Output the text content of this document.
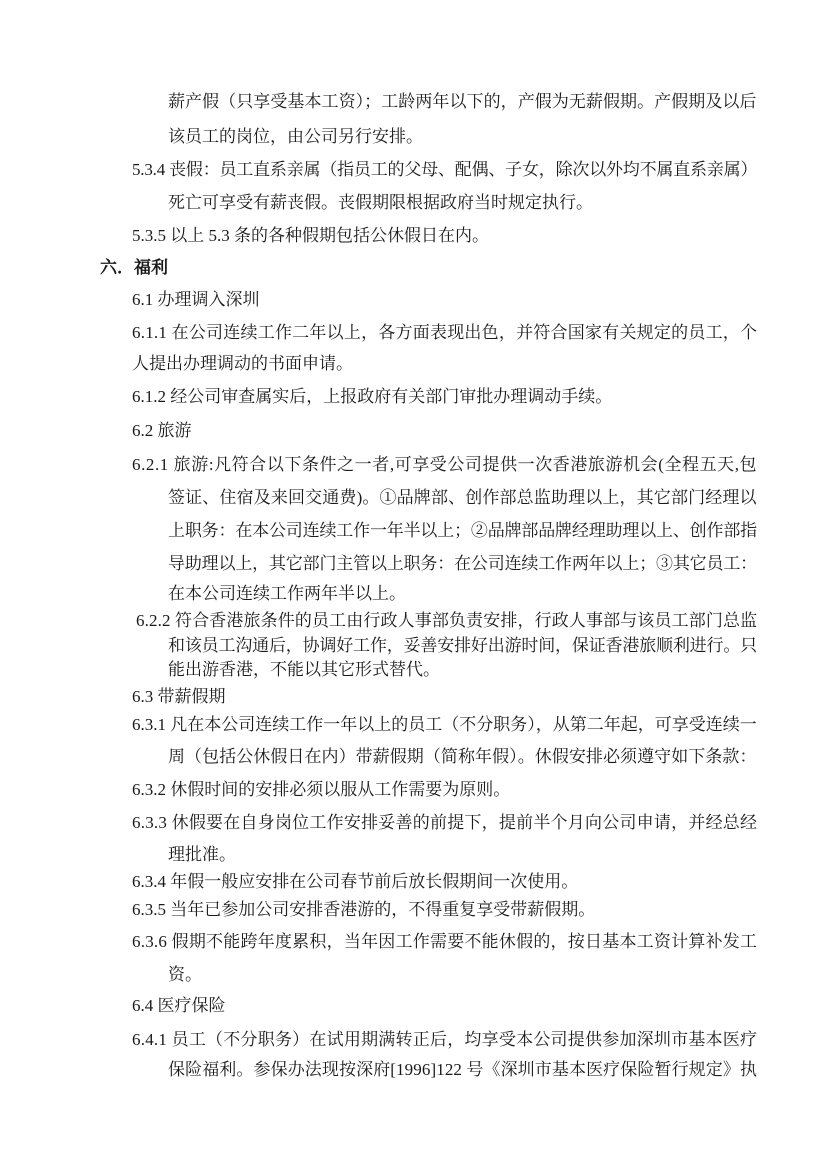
薪产假（只享受基本工资）；工龄两年以下的，产假为无薪假期。产假期及以后
该员工的岗位，由公司另行安排。
5.3.4 丧假：员工直系亲属（指员工的父母、配偶、子女，除次以外均不属直系亲属）
死亡可享受有薪丧假。丧假期限根据政府当时规定执行。
5.3.5 以上 5.3 条的各种假期包括公休假日在内。
六．福利
6.1 办理调入深圳
6.1.1 在公司连续工作二年以上，各方面表现出色，并符合国家有关规定的员工，个
人提出办理调动的书面申请。
6.1.2 经公司审查属实后，上报政府有关部门审批办理调动手续。
6.2 旅游
6.2.1 旅游:凡符合以下条件之一者,可享受公司提供一次香港旅游机会(全程五天,包
签证、住宿及来回交通费)。①品牌部、创作部总监助理以上，其它部门经理以
上职务：在本公司连续工作一年半以上；②品牌部品牌经理助理以上、创作部指
导助理以上，其它部门主管以上职务：在公司连续工作两年以上；③其它员工：
在本公司连续工作两年半以上。
6.2.2 符合香港旅条件的员工由行政人事部负责安排，行政人事部与该员工部门总监
和该员工沟通后，协调好工作，妥善安排好出游时间，保证香港旅顺利进行。只
能出游香港，不能以其它形式替代。
6.3 带薪假期
6.3.1 凡在本公司连续工作一年以上的员工（不分职务），从第二年起，可享受连续一
周（包括公休假日在内）带薪假期（简称年假）。休假安排必须遵守如下条款：
6.3.2 休假时间的安排必须以服从工作需要为原则。
6.3.3 休假要在自身岗位工作安排妥善的前提下，提前半个月向公司申请，并经总经
理批准。
6.3.4 年假一般应安排在公司春节前后放长假期间一次使用。
6.3.5 当年已参加公司安排香港游的，不得重复享受带薪假期。
6.3.6 假期不能跨年度累积，当年因工作需要不能休假的，按日基本工资计算补发工
资。
6.4 医疗保险
6.4.1 员工（不分职务）在试用期满转正后，均享受本公司提供参加深圳市基本医疗
保险福利。参保办法现按深府[1996]122 号《深圳市基本医疗保险暂行规定》执
